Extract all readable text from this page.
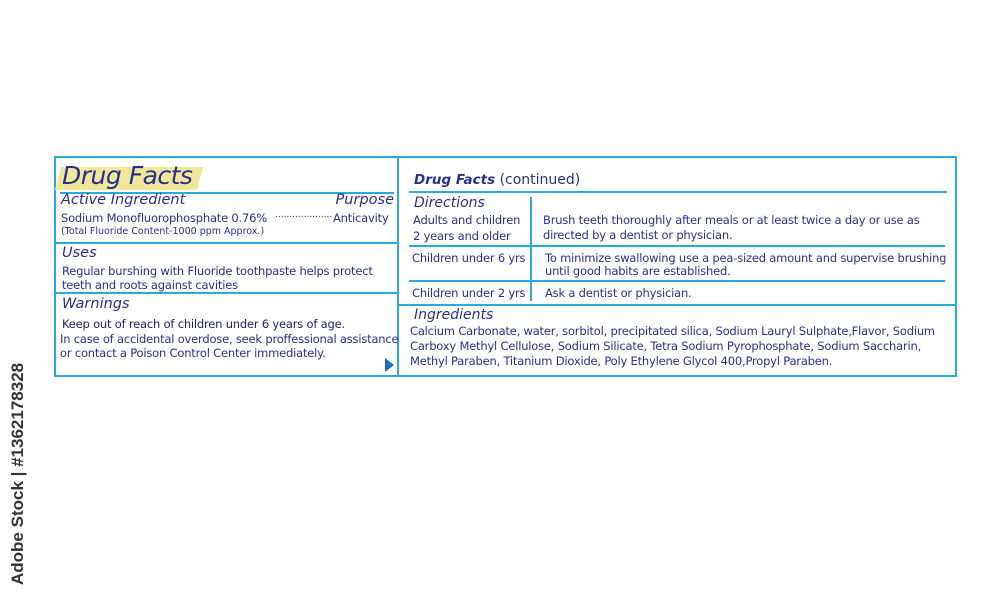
Adobe Stock | #1362178328
Drug Facts
Active Ingredient	Purpose
Sodium Monofluorophosphate 0.76% .................... Anticavity
(Total Fluoride Content-1000 ppm Approx.)
Uses
Regular burshing with Fluoride toothpaste helps protect
teeth and roots against cavities
Warnings
Keep out of reach of children under 6 years of age.
In case of accidental overdose, seek proffessional assistance
or contact a Poison Control Center immediately.
Drug Facts (continued)
Directions
Adults and children
2 years and older
Brush teeth thoroughly after meals or at least twice a day or use as
directed by a dentist or physician.
Children under 6 yrs To minimize swallowing use a pea-sized amount and supervise brushing
until good habits are established.
Children under 2 yrs Ask a dentist or physician.
Ingredients
Calcium Carbonate, water, sorbitol, precipitated silica, Sodium Lauryl Sulphate,Flavor, Sodium
Carboxy Methyl Cellulose, Sodium Silicate, Tetra Sodium Pyrophosphate, Sodium Saccharin,
Methyl Paraben, Titanium Dioxide, Poly Ethylene Glycol 400,Propyl Paraben.
